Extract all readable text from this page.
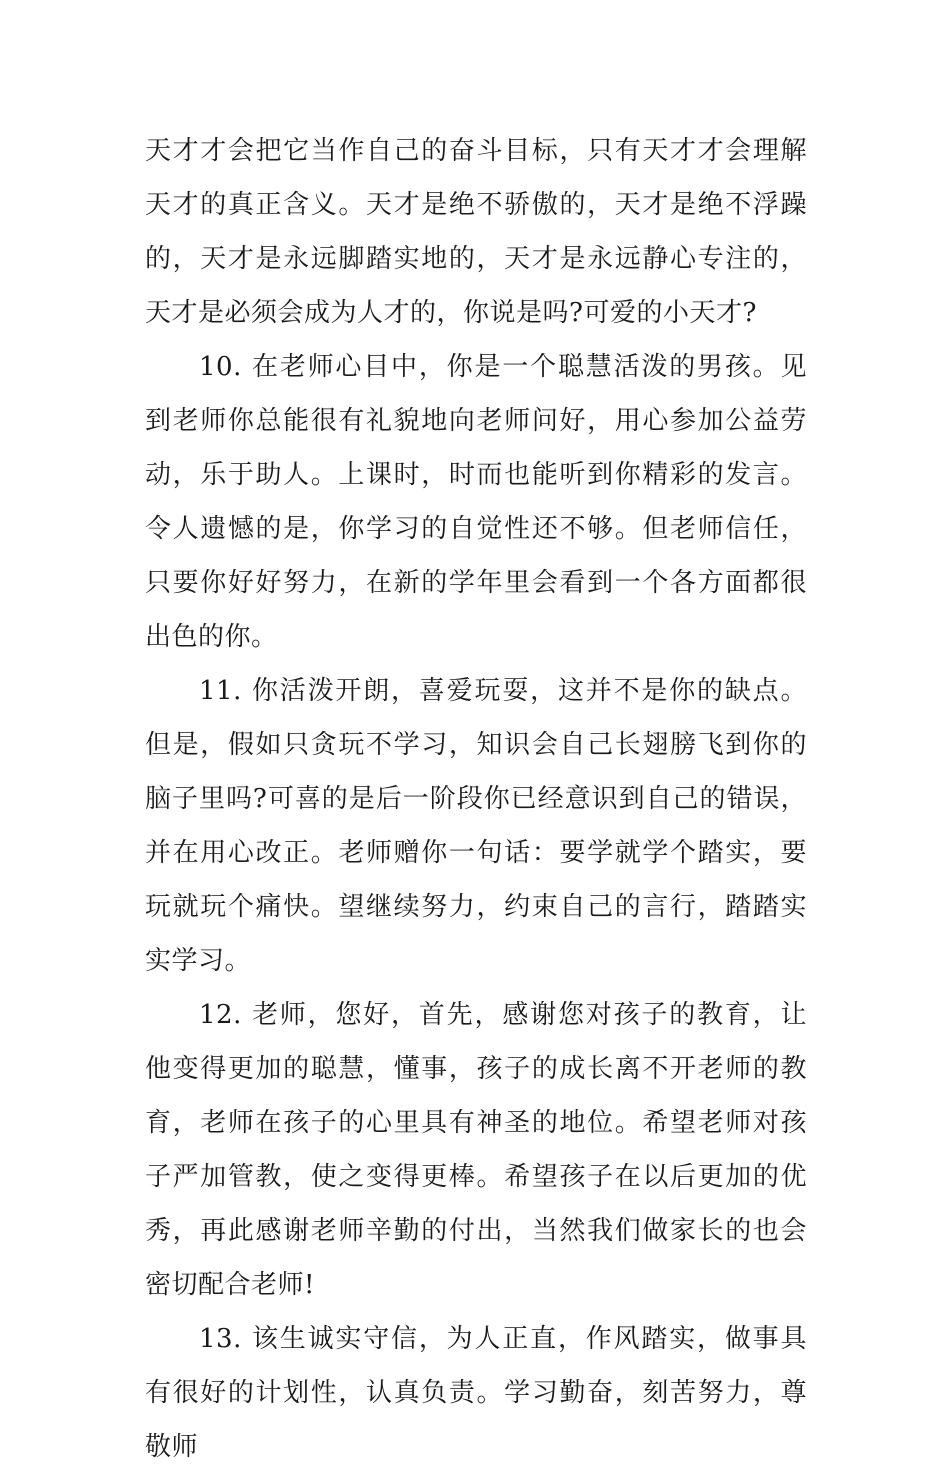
天才才会把它当作自己的奋斗目标，只有天才才会理解天才的真正含义。天才是绝不骄傲的，天才是绝不浮躁的，天才是永远脚踏实地的，天才是永远静心专注的，天才是必须会成为人才的，你说是吗?可爱的小天才?

10. 在老师心目中，你是一个聪慧活泼的男孩。见到老师你总能很有礼貌地向老师问好，用心参加公益劳动，乐于助人。上课时，时而也能听到你精彩的发言。令人遗憾的是，你学习的自觉性还不够。但老师信任，只要你好好努力，在新的学年里会看到一个各方面都很出色的你。

11. 你活泼开朗，喜爱玩耍，这并不是你的缺点。但是，假如只贪玩不学习，知识会自己长翅膀飞到你的脑子里吗?可喜的是后一阶段你已经意识到自己的错误，并在用心改正。老师赠你一句话：要学就学个踏实，要玩就玩个痛快。望继续努力，约束自己的言行，踏踏实实学习。

12. 老师，您好，首先，感谢您对孩子的教育，让他变得更加的聪慧，懂事，孩子的成长离不开老师的教育，老师在孩子的心里具有神圣的地位。希望老师对孩子严加管教，使之变得更棒。希望孩子在以后更加的优秀，再此感谢老师辛勤的付出，当然我们做家长的也会密切配合老师!

13. 该生诚实守信，为人正直，作风踏实，做事具有很好的计划性，认真负责。学习勤奋，刻苦努力，尊敬师
